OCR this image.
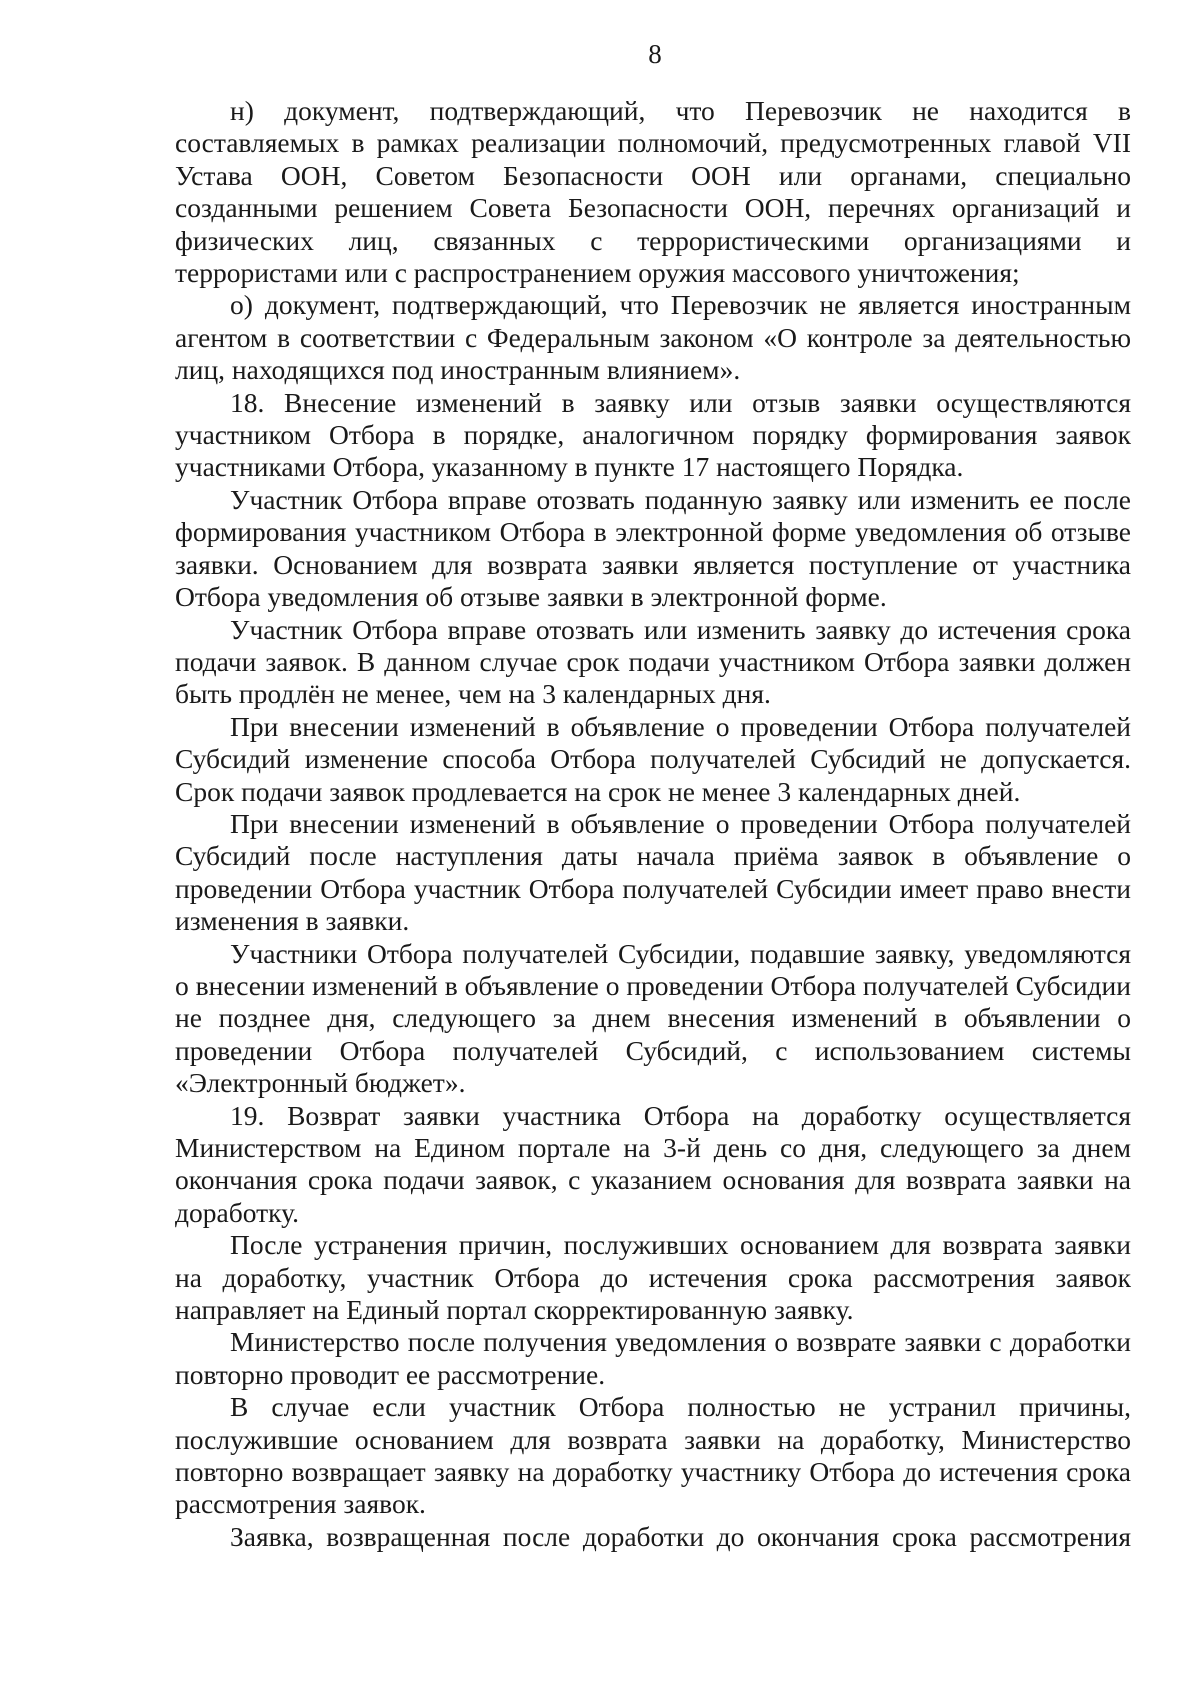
8

н) документ, подтверждающий, что Перевозчик не находится в составляемых в рамках реализации полномочий, предусмотренных главой VII Устава ООН, Советом Безопасности ООН или органами, специально созданными решением Совета Безопасности ООН, перечнях организаций и физических лиц, связанных с террористическими организациями и террористами или с распространением оружия массового уничтожения;

о) документ, подтверждающий, что Перевозчик не является иностранным агентом в соответствии с Федеральным законом «О контроле за деятельностью лиц, находящихся под иностранным влиянием».

18. Внесение изменений в заявку или отзыв заявки осуществляются участником Отбора в порядке, аналогичном порядку формирования заявок участниками Отбора, указанному в пункте 17 настоящего Порядка.

Участник Отбора вправе отозвать поданную заявку или изменить ее после формирования участником Отбора в электронной форме уведомления об отзыве заявки. Основанием для возврата заявки является поступление от участника Отбора уведомления об отзыве заявки в электронной форме.

Участник Отбора вправе отозвать или изменить заявку до истечения срока подачи заявок. В данном случае срок подачи участником Отбора заявки должен быть продлён не менее, чем на 3 календарных дня.

При внесении изменений в объявление о проведении Отбора получателей Субсидий изменение способа Отбора получателей Субсидий не допускается. Срок подачи заявок продлевается на срок не менее 3 календарных дней.

При внесении изменений в объявление о проведении Отбора получателей Субсидий после наступления даты начала приёма заявок в объявление о проведении Отбора участник Отбора получателей Субсидии имеет право внести изменения в заявки.

Участники Отбора получателей Субсидии, подавшие заявку, уведомляются о внесении изменений в объявление о проведении Отбора получателей Субсидии не позднее дня, следующего за днем внесения изменений в объявлении о проведении Отбора получателей Субсидий, с использованием системы «Электронный бюджет».

19. Возврат заявки участника Отбора на доработку осуществляется Министерством на Едином портале на 3-й день со дня, следующего за днем окончания срока подачи заявок, с указанием основания для возврата заявки на доработку.

После устранения причин, послуживших основанием для возврата заявки на доработку, участник Отбора до истечения срока рассмотрения заявок направляет на Единый портал скорректированную заявку.

Министерство после получения уведомления о возврате заявки с доработки повторно проводит ее рассмотрение.

В случае если участник Отбора полностью не устранил причины, послужившие основанием для возврата заявки на доработку, Министерство повторно возвращает заявку на доработку участнику Отбора до истечения срока рассмотрения заявок.

Заявка, возвращенная после доработки до окончания срока рассмотрения
